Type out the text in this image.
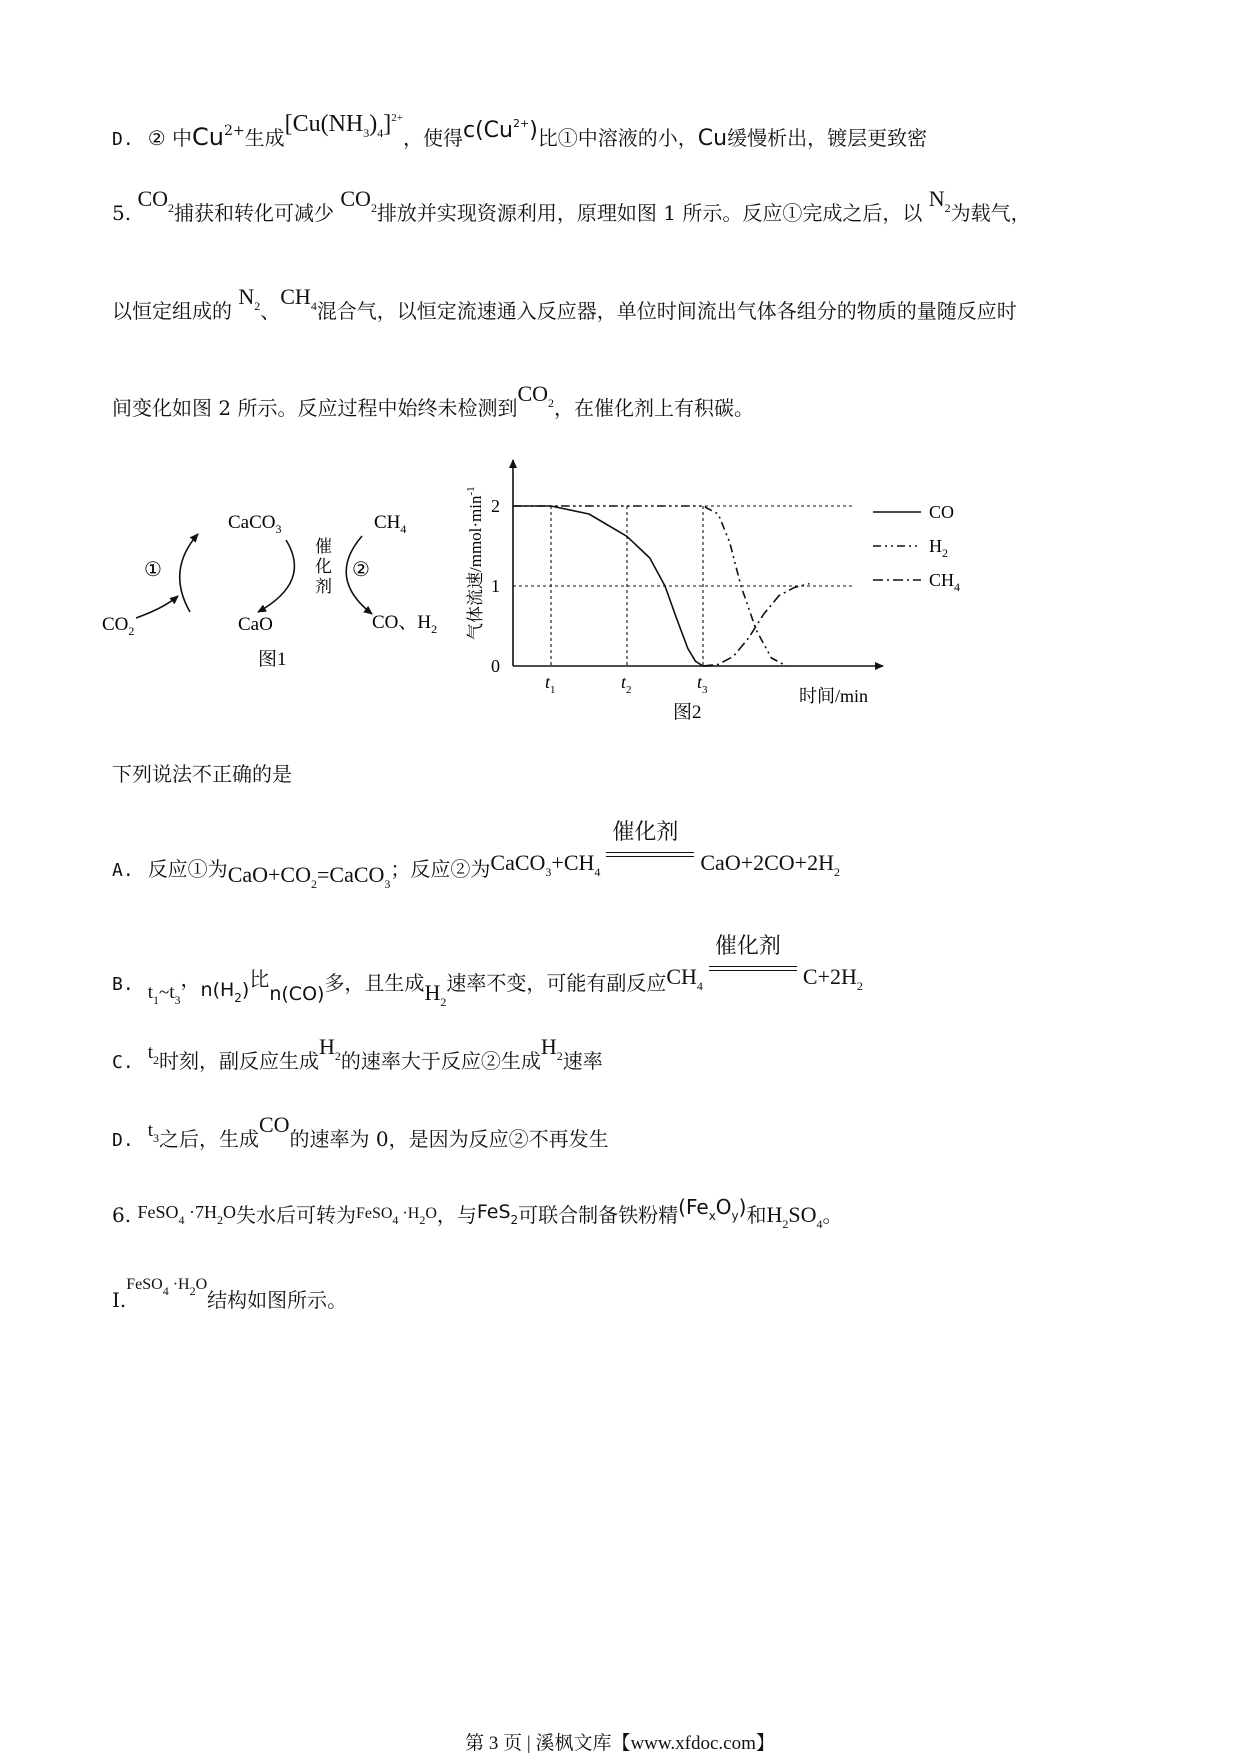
D. ② 中$Cu^{2+}$生成$[Cu(NH_3)_4]^{2+}$，使得$c(Cu^{2+})$比①中溶液的小，Cu缓慢析出，镀层更致密
5. $CO_2$捕获和转化可减少 $CO_2$排放并实现资源利用，原理如图 1 所示。反应①完成之后，以 $N_2$为载气，
以恒定组成的 $N_2$、$CH_4$混合气，以恒定流速通入反应器，单位时间流出气体各组分的物质的量随反应时
间变化如图 2 所示。反应过程中始终未检测到$CO_2$，在催化剂上有积碳。
CaCO$_3$	$CH_4$
$CO_2$	CaO	CO、$H_2$
①	②
催
化
剂
图1
气体流速$/mmol\cdot\min^{-1}$
时间/min
0
1
2
$t_1$	$t_2$	$t_3$
CO
$H_2$
$CH_4$
图2
下列说法不正确的是
A. 反应①为$CaO+CO_2=CaCO_3$；反应②为$CaCO_3+CH_4$
催化剂
$CaO+2CO+2H_2$
B. $t_1\sim t_3$，$n(H_2)$比n(CO)多，且生成$H_2$速率不变，可能有副反应$CH_4$
催化剂
$C+2H_2$
C. $t_2$时刻，副反应生成$H_2$的速率大于反应②生成$H_2$速率
D. $t_3$之后，生成CO的速率为 0，是因为反应②不再发生
6. FeSO$_4$ $\cdot 7H_2O$失水后可转为$^{FeSO_4 \cdot H_2O}$，与FeS$_2$可联合制备铁粉精$(Fe_xO_y)$和$H_2SO_4$。
I.$^{FeSO_4 \cdot H_2O}$结构如图所示。
第 3 页 | 溪枫文库【www.xfdoc.com】
